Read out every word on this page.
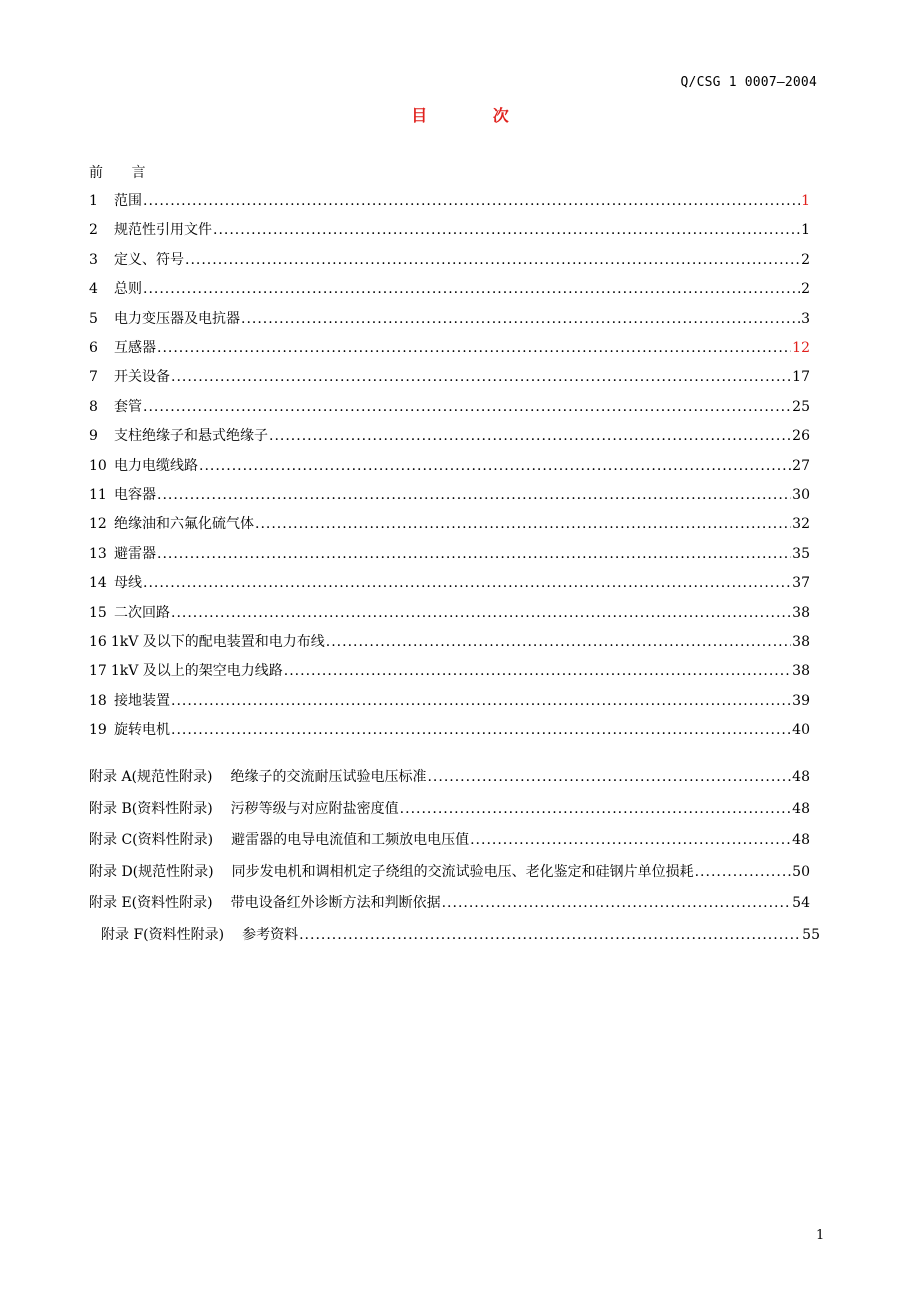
Q/CSG 1 0007—2004
目 次
前 言
1	范围 .....	1
2	规范性引用文件 .....	1
3	定义、符号 .....	2
4	总则 .....	2
5	电力变压器及电抗器 .....	3
6	互感器 .....	12
7	开关设备 .....	17
8	套管 .....	25
9	支柱绝缘子和悬式绝缘子 .....	26
10 电力电缆线路 .....	27
11 电容器 .....	30
12 绝缘油和六氟化硫气体 .....	32
13 避雷器 .....	35
14 母线 .....	37
15 二次回路 .....	38
16 1kV 及以下的配电装置和电力布线 .....	38
17 1kV 及以上的架空电力线路 .....	38
18 接地装置 .....	39
19 旋转电机 .....	40
附录 A(规范性附录)  绝缘子的交流耐压试验电压标准 .....	48
附录 B(资料性附录)  污秽等级与对应附盐密度值 .....	48
附录 C(资料性附录)  避雷器的电导电流值和工频放电电压值 .....	48
附录 D(规范性附录)  同步发电机和调相机定子绕组的交流试验电压、老化鉴定和硅钢片单位损耗 .....	50
附录 E(资料性附录)  带电设备红外诊断方法和判断依据 .....	54
附录 F(资料性附录)  参考资料 .....	55
1
